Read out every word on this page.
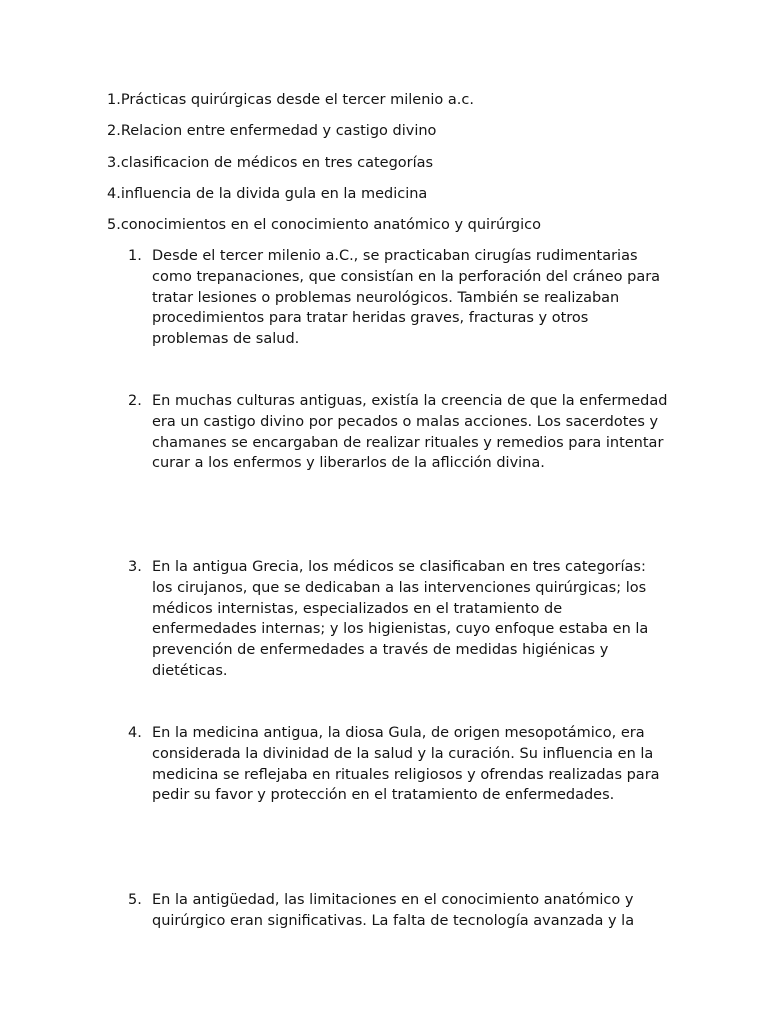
1.Prácticas quirúrgicas desde el tercer milenio a.c.
2.Relacion entre enfermedad y castigo divino
3.clasificacion de médicos en tres categorías
4.influencia de la divida gula en la medicina
5.conocimientos en el conocimiento anatómico y quirúrgico
1. Desde el tercer milenio a.C., se practicaban cirugías rudimentarias como trepanaciones, que consistían en la perforación del cráneo para tratar lesiones o problemas neurológicos. También se realizaban procedimientos para tratar heridas graves, fracturas y otros problemas de salud.
2. En muchas culturas antiguas, existía la creencia de que la enfermedad era un castigo divino por pecados o malas acciones. Los sacerdotes y chamanes se encargaban de realizar rituales y remedios para intentar curar a los enfermos y liberarlos de la aflicción divina.
3. En la antigua Grecia, los médicos se clasificaban en tres categorías: los cirujanos, que se dedicaban a las intervenciones quirúrgicas; los médicos internistas, especializados en el tratamiento de enfermedades internas; y los higienistas, cuyo enfoque estaba en la prevención de enfermedades a través de medidas higiénicas y dietéticas.
4. En la medicina antigua, la diosa Gula, de origen mesopotámico, era considerada la divinidad de la salud y la curación. Su influencia en la medicina se reflejaba en rituales religiosos y ofrendas realizadas para pedir su favor y protección en el tratamiento de enfermedades.
5. En la antigüedad, las limitaciones en el conocimiento anatómico y quirúrgico eran significativas. La falta de tecnología avanzada y la
